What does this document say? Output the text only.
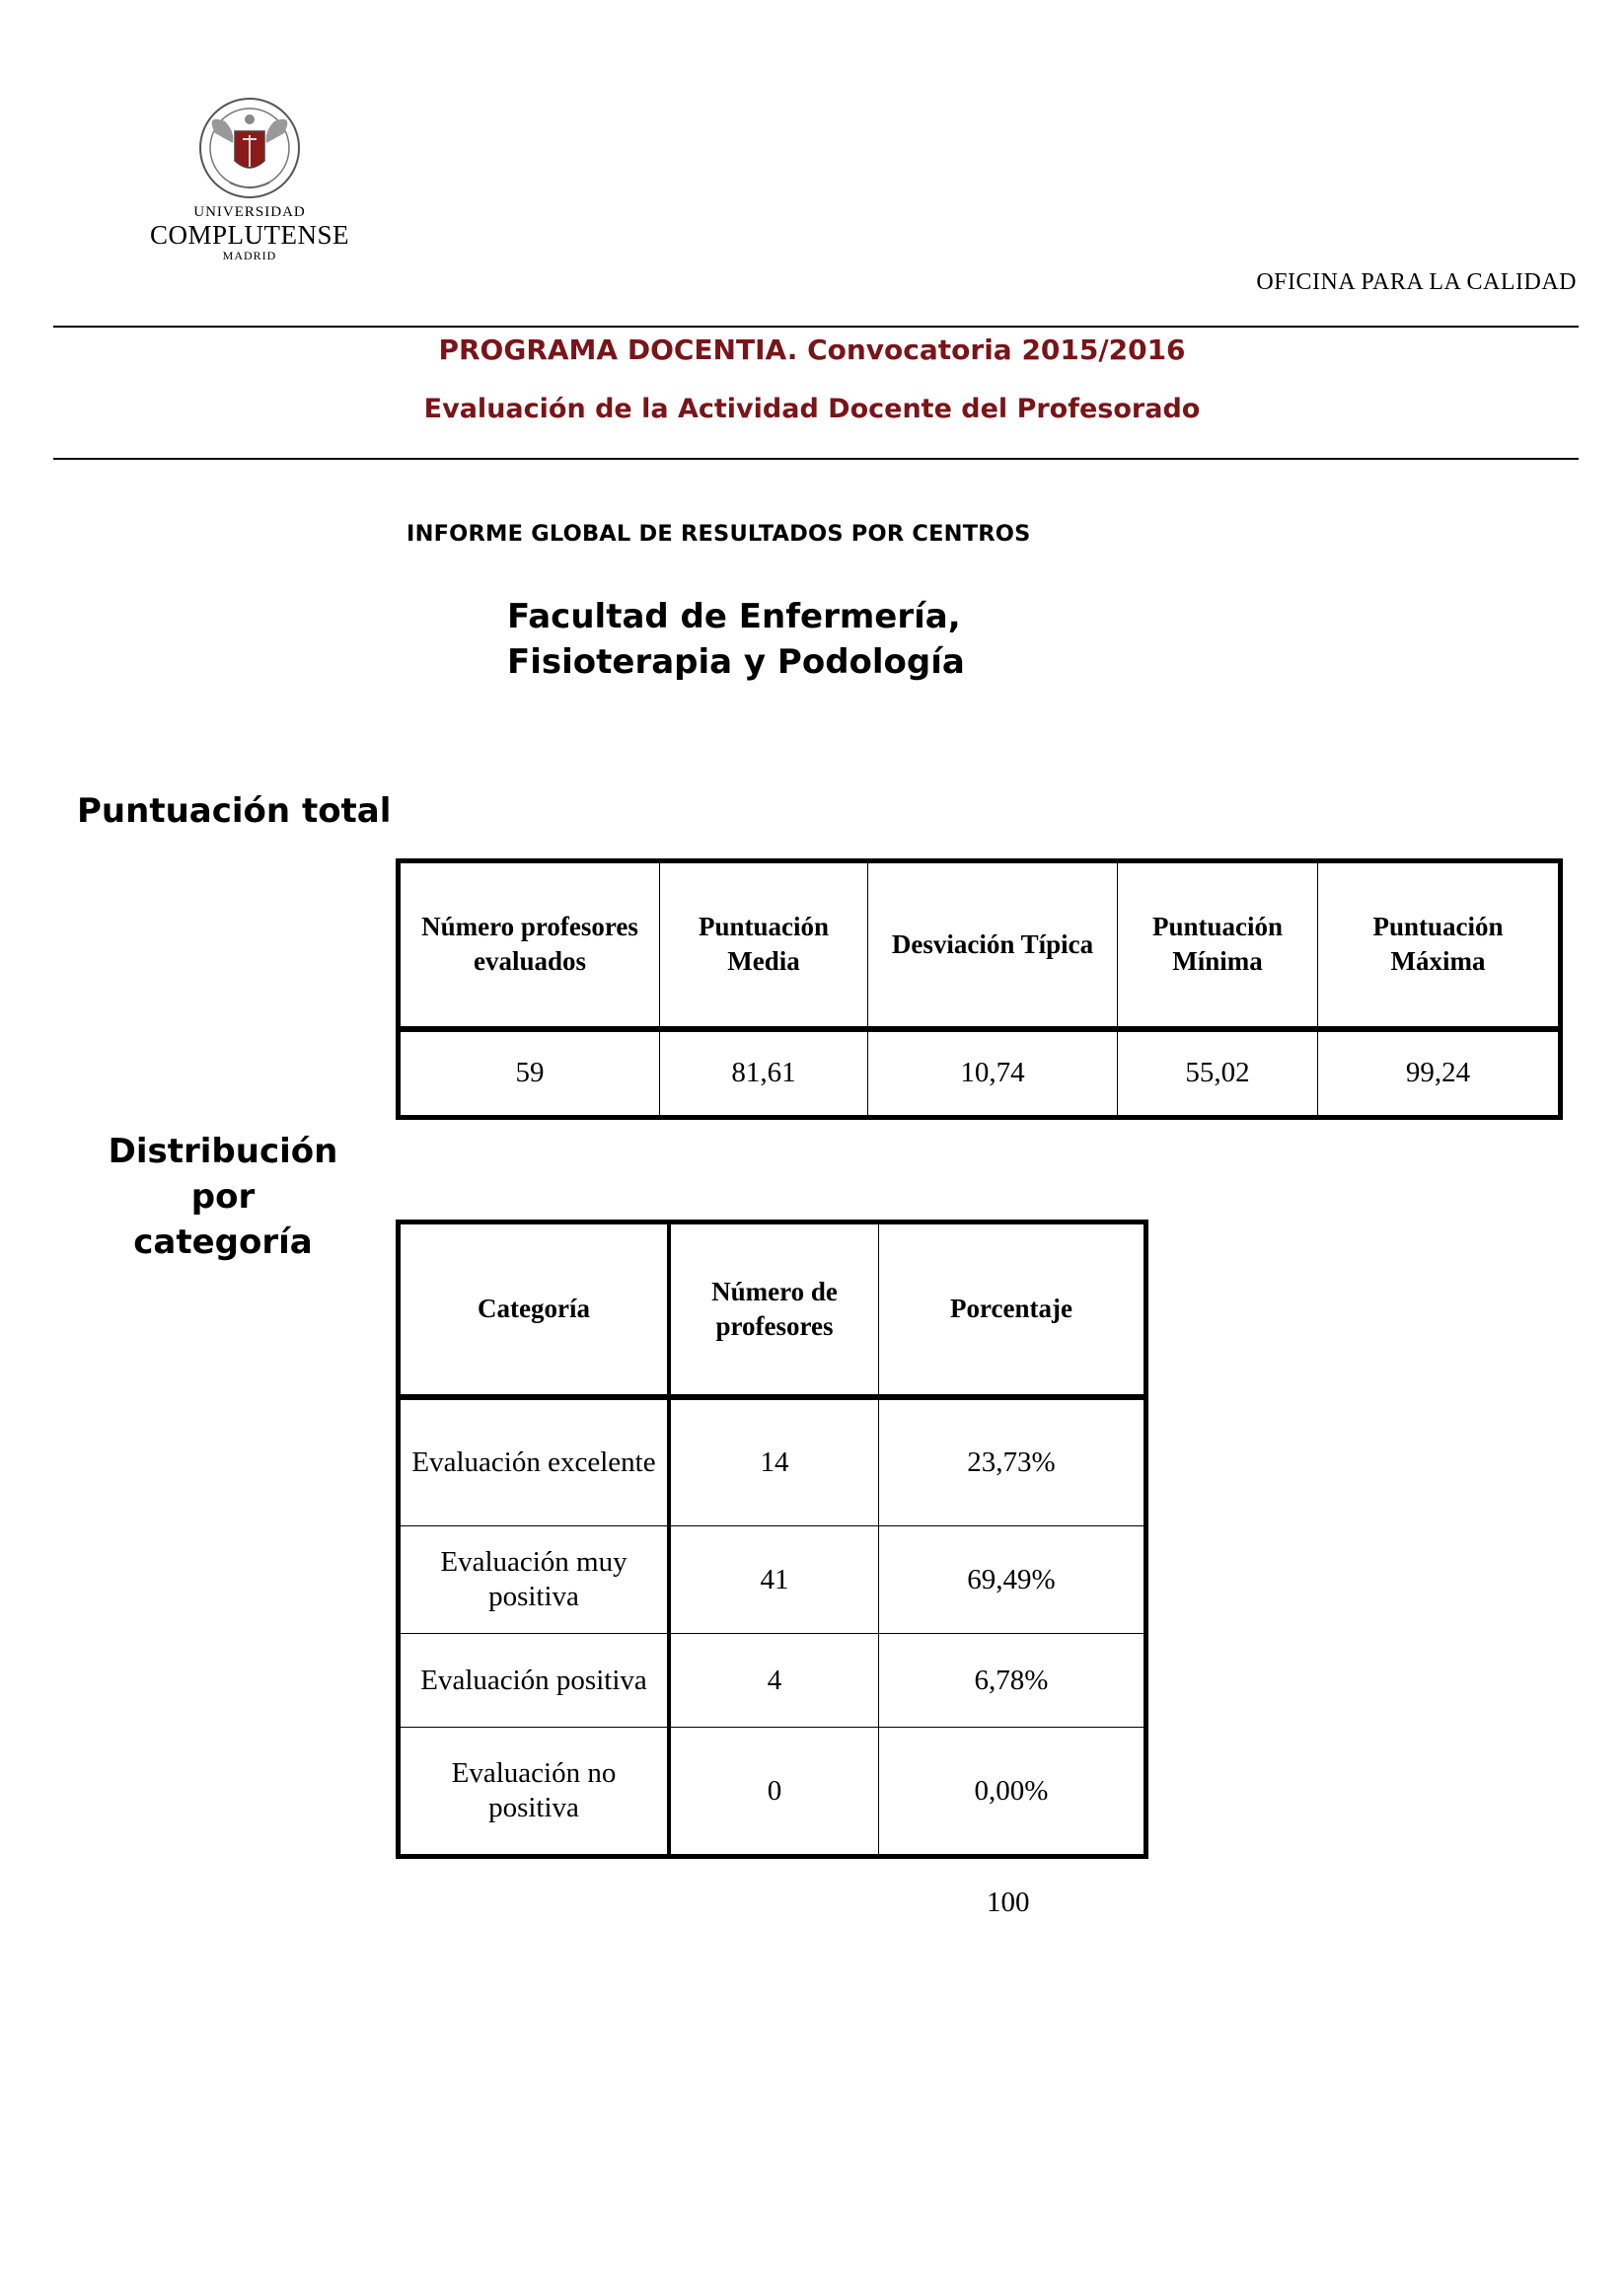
UNIVERSIDAD
COMPLUTENSE
MADRID
OFICINA PARA LA CALIDAD
PROGRAMA DOCENTIA. Convocatoria 2015/2016
Evaluación de la Actividad Docente del Profesorado
INFORME GLOBAL DE RESULTADOS POR CENTROS
Facultad de Enfermería,
Fisioterapia y Podología
Puntuación total
Número profesores evaluados	Puntuación Media	Desviación Típica	Puntuación Mínima	Puntuación Máxima
59	81,61	10,74	55,02	99,24
Distribución por
categoría
Categoría	Número de profesores	Porcentaje
Evaluación excelente	14	23,73%
Evaluación muy positiva	41	69,49%
Evaluación positiva	4	6,78%
Evaluación no positiva	0	0,00%
100
